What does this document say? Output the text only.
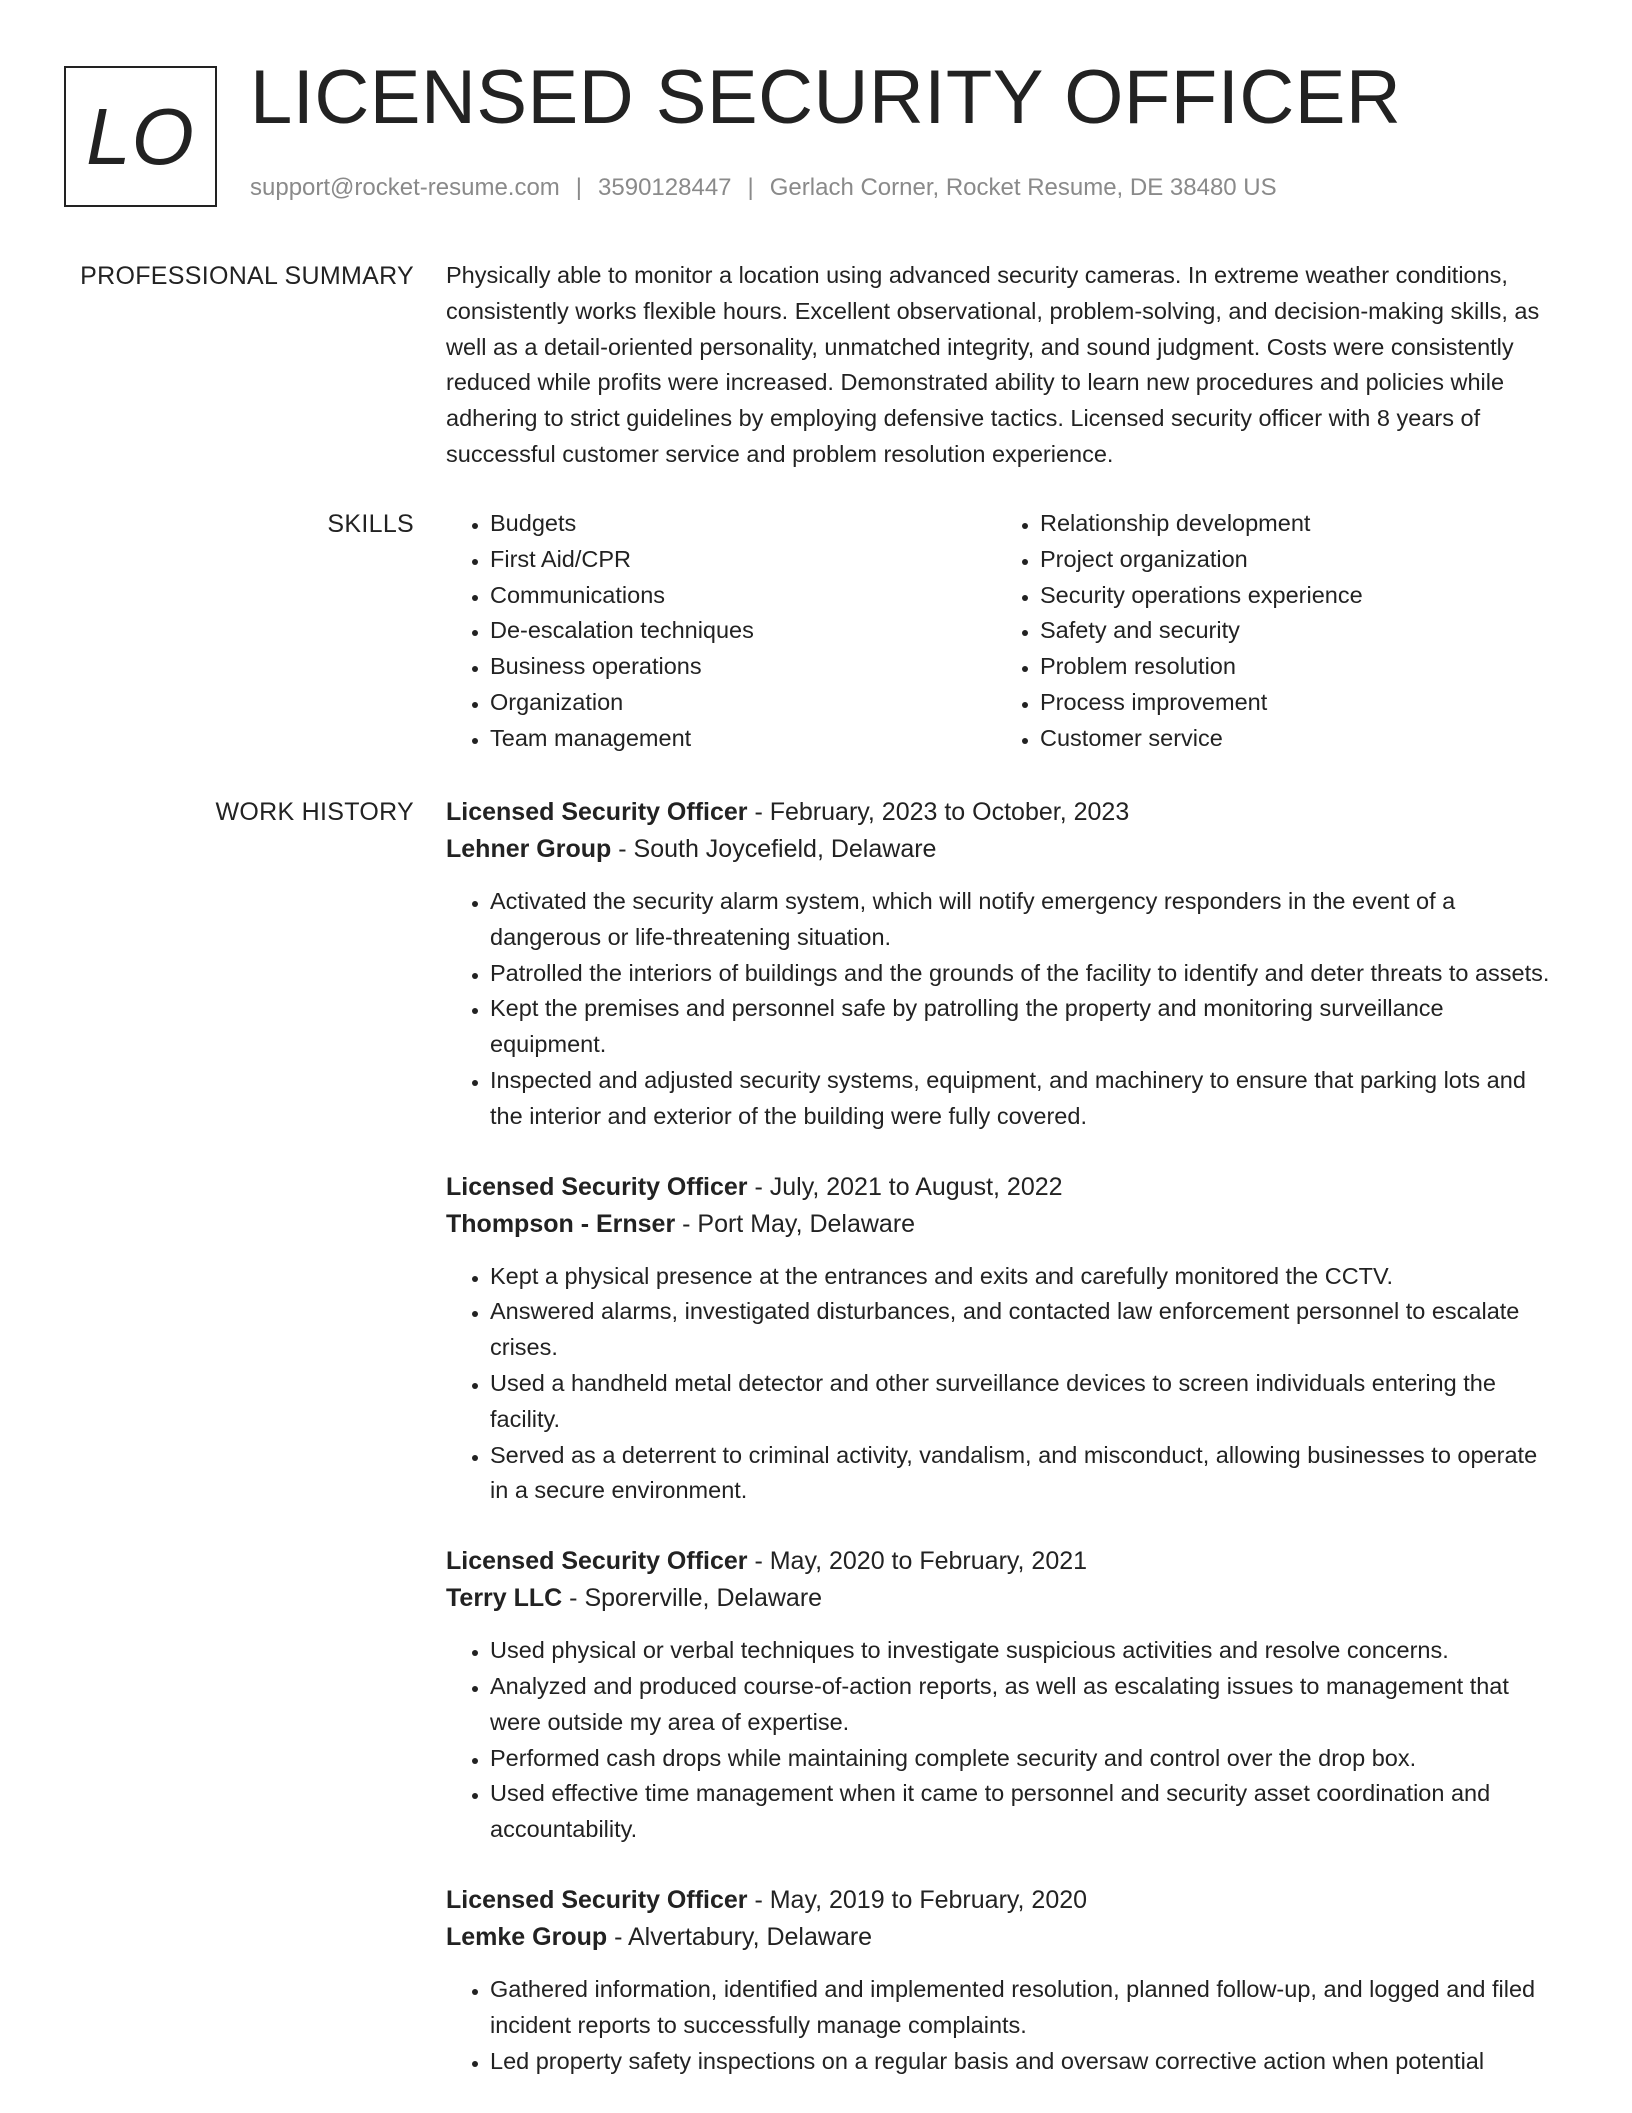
LO LICENSED SECURITY OFFICER
support@rocket-resume.com | 3590128447 | Gerlach Corner, Rocket Resume, DE 38480 US
PROFESSIONAL SUMMARY Physically able to monitor a location using advanced security cameras. In extreme weather conditions, consistently works flexible hours. Excellent observational, problem-solving, and decision-making skills, as well as a detail-oriented personality, unmatched integrity, and sound judgment. Costs were consistently reduced while profits were increased. Demonstrated ability to learn new procedures and policies while adhering to strict guidelines by employing defensive tactics. Licensed security officer with 8 years of successful customer service and problem resolution experience.

SKILLS
•	Budgets
• First Aid/CPR
• Communications
• De-escalation techniques
• Business operations
• Organization
• Team management
• Relationship development
• Project organization
• Security operations experience
• Safety and security
• Problem resolution
• Process improvement
• Customer service
WORK HISTORY Licensed Security Officer - February, 2023 to October, 2023
Lehner Group - South Joycefield, Delaware
• Activated the security alarm system, which will notify emergency responders in the event of a dangerous or life-threatening situation.
• Patrolled the interiors of buildings and the grounds of the facility to identify and deter threats to assets.
• Kept the premises and personnel safe by patrolling the property and monitoring surveillance equipment.
• Inspected and adjusted security systems, equipment, and machinery to ensure that parking lots and the interior and exterior of the building were fully covered.
Licensed Security Officer - July, 2021 to August, 2022
Thompson - Ernser - Port May, Delaware
• Kept a physical presence at the entrances and exits and carefully monitored the CCTV.
• Answered alarms, investigated disturbances, and contacted law enforcement personnel to escalate crises.
• Used a handheld metal detector and other surveillance devices to screen individuals entering the facility.
• Served as a deterrent to criminal activity, vandalism, and misconduct, allowing businesses to operate in a secure environment.
Licensed Security Officer - May, 2020 to February, 2021
Terry LLC - Sporerville, Delaware
• Used physical or verbal techniques to investigate suspicious activities and resolve concerns.
• Analyzed and produced course-of-action reports, as well as escalating issues to management that were outside my area of expertise.
• Performed cash drops while maintaining complete security and control over the drop box.
• Used effective time management when it came to personnel and security asset coordination and accountability.
Licensed Security Officer - May, 2019 to February, 2020
Lemke Group - Alvertabury, Delaware
• Gathered information, identified and implemented resolution, planned follow-up, and logged and filed incident reports to successfully manage complaints.
• Led property safety inspections on a regular basis and oversaw corrective action when potential
